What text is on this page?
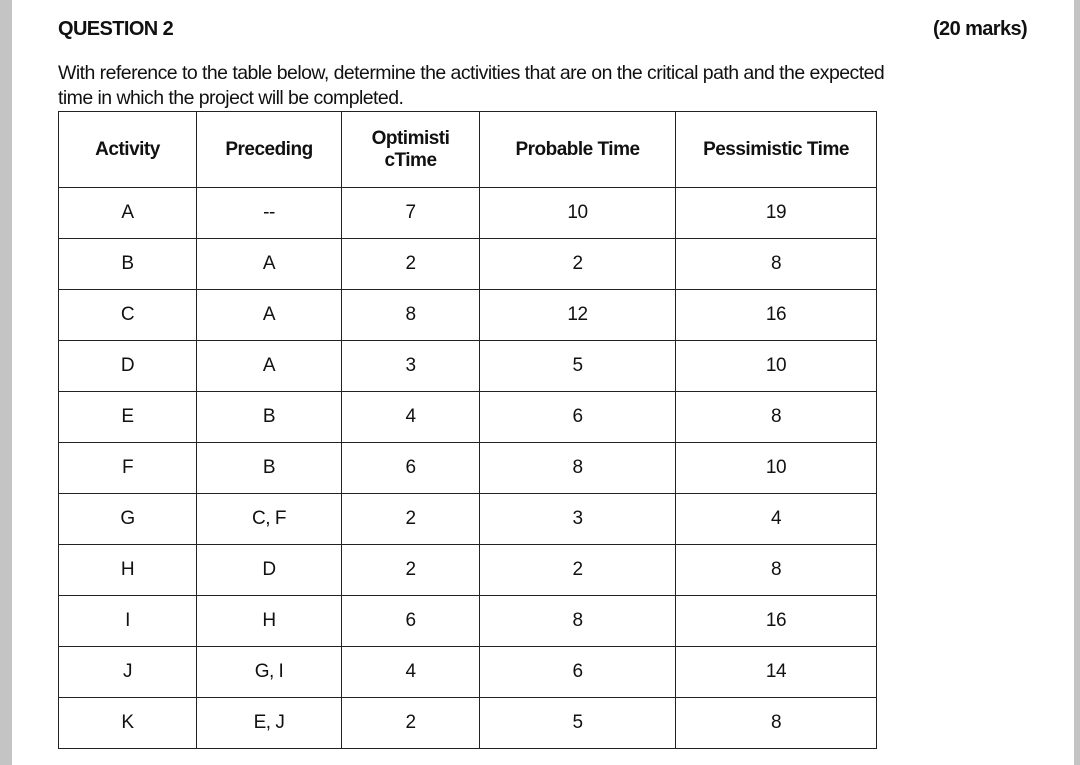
QUESTION 2	(20 marks)
With reference to the table below, determine the activities that are on the critical path and the expected time in which the project will be completed.
Activity	Preceding	Optimisti cTime	Probable Time	Pessimistic Time
A	--	7	10	19
B	A	2	2	8
C	A	8	12	16
D	A	3	5	10
E	B	4	6	8
F	B	6	8	10
G	C, F	2	3	4
H	D	2	2	8
I	H	6	8	16
J	G, I	4	6	14
K	E, J	2	5	8
